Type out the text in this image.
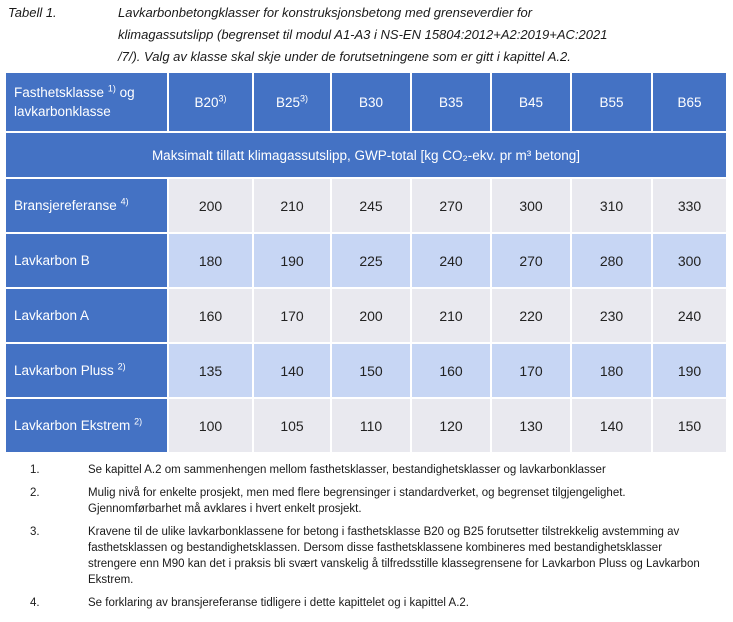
Tabell 1.	Lavkarbonbetongklasser for konstruksjonsbetong med grenseverdier for
klimagassutslipp (begrenset til modul A1-A3 i NS-EN 15804:2012+A2:2019+AC:2021
/7/). Valg av klasse skal skje under de forutsetningene som er gitt i kapittel A.2.
Fasthetsklasse $^{1)}$ og
lavkarbonklasse	B20$^{3)}$	B25$^{3)}$	B30	B35	B45	B55	B65
Maksimalt tillatt klimagassutslipp, GWP-total [kg CO₂-ekv. pr m³ betong]							
Bransjereferanse $^{4)}$	200	210	245	270	300	310	330
Lavkarbon B	180	190	225	240	270	280	300
Lavkarbon A	160	170	200	210	220	230	240
Lavkarbon Pluss $^{2)}$	135	140	150	160	170	180	190
Lavkarbon Ekstrem $^{2)}$	100	105	110	120	130	140	150
1.	Se kapittel A.2 om sammenhengen mellom fasthetsklasser, bestandighetsklasser og lavkarbonklasser
2.	Mulig nivå for enkelte prosjekt, men med flere begrensinger i standardverket, og begrenset tilgjengelighet. Gjennomførbarhet må avklares i hvert enkelt prosjekt.
3.	Kravene til de ulike lavkarbonklassene for betong i fasthetsklasse B20 og B25 forutsetter tilstrekkelig avstemming av fasthetsklassen og bestandighetsklassen. Dersom disse fasthetsklassene kombineres med bestandighetsklasser strengere enn M90 kan det i praksis bli svært vanskelig å tilfredsstille klassegrensene for Lavkarbon Pluss og Lavkarbon Ekstrem.
4.	Se forklaring av bransjereferanse tidligere i dette kapittelet og i kapittel A.2.
